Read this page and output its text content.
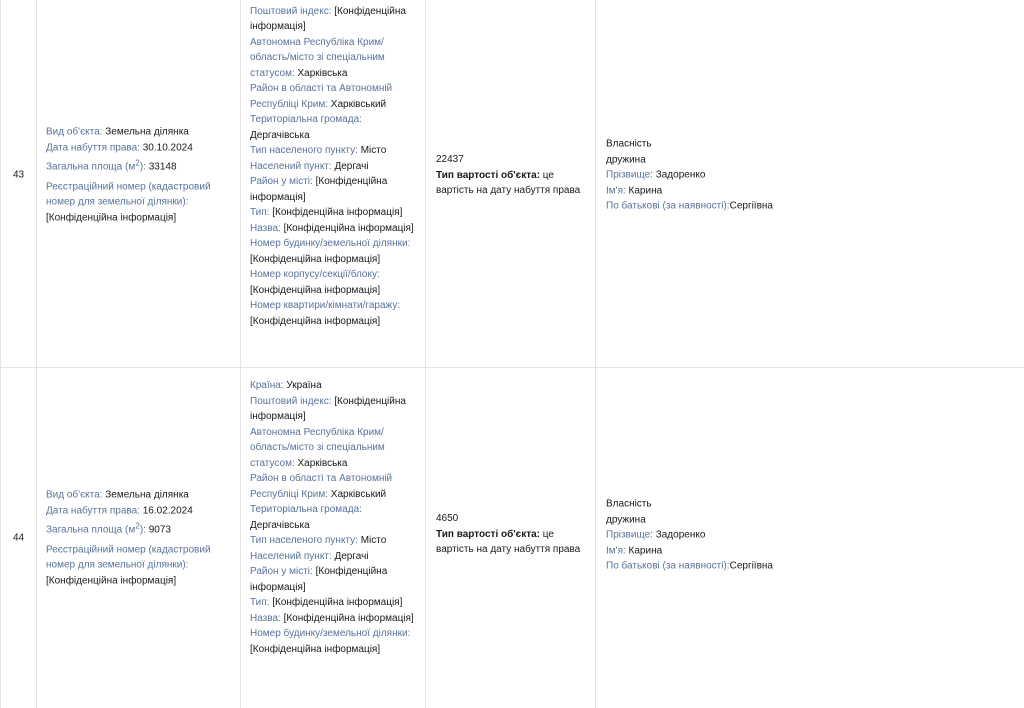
43
Вид об'єкта: Земельна ділянка
Дата набуття права: 30.10.2024
Загальна площа $(м^2)$: 33148
Реєстраційний номер (кадастровий номер для земельної ділянки): [Конфіденційна інформація]
Поштовий індекс: [Конфіденційна інформація]
Автономна Республіка Крим/ область/місто зі спеціальним статусом: Харківська
Район в області та Автономній Республіці Крим: Харківський
Територіальна громада: Дергачівська
Тип населеного пункту: Місто
Населений пункт: Дергачі
Район у місті: [Конфіденційна інформація]
Тип: [Конфіденційна інформація]
Назва: [Конфіденційна інформація]
Номер будинку/земельної ділянки: [Конфіденційна інформація]
Номер корпусу/секції/блоку: [Конфіденційна інформація]
Номер квартири/кімнати/гаражу: [Конфіденційна інформація]
22437
Тип вартості об'єкта: це вартість на дату набуття права
Власність
дружина
Прізвище: Задоренко
Ім'я: Карина
По батькові (за наявності):Сергіївна
44
Вид об'єкта: Земельна ділянка
Дата набуття права: 16.02.2024
Загальна площа $(м^2)$: 9073
Реєстраційний номер (кадастровий номер для земельної ділянки): [Конфіденційна інформація]
Країна: Україна
Поштовий індекс: [Конфіденційна інформація]
Автономна Республіка Крим/ область/місто зі спеціальним статусом: Харківська
Район в області та Автономній Республіці Крим: Харківський
Територіальна громада: Дергачівська
Тип населеного пункту: Місто
Населений пункт: Дергачі
Район у місті: [Конфіденційна інформація]
Тип: [Конфіденційна інформація]
Назва: [Конфіденційна інформація]
Номер будинку/земельної ділянки: [Конфіденційна інформація]
4650
Тип вартості об'єкта: це вартість на дату набуття права
Власність
дружина
Прізвище: Задоренко
Ім'я: Карина
По батькові (за наявності):Сергіївна
